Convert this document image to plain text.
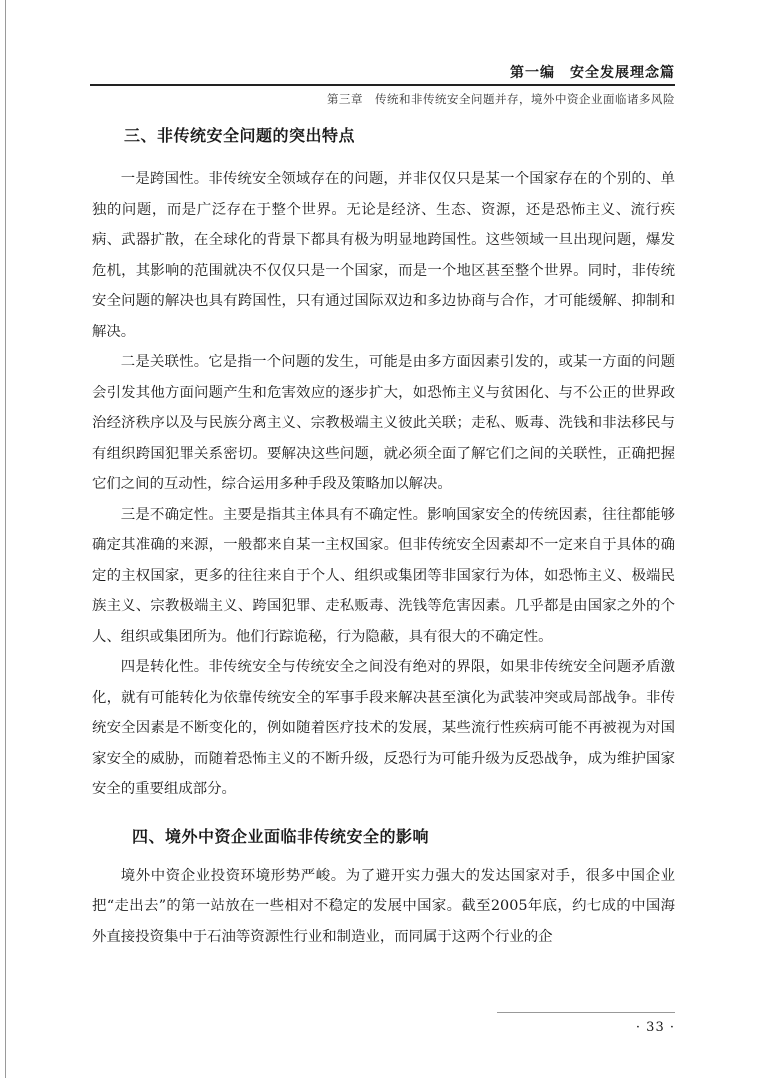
第一编　安全发展理念篇
第三章　传统和非传统安全问题并存，境外中资企业面临诸多风险
三、非传统安全问题的突出特点

一是跨国性。非传统安全领域存在的问题，并非仅仅只是某一个国家存在的个别的、单独的问题，而是广泛存在于整个世界。无论是经济、生态、资源，还是恐怖主义、流行疾病、武器扩散，在全球化的背景下都具有极为明显地跨国性。这些领域一旦出现问题，爆发危机，其影响的范围就决不仅仅只是一个国家，而是一个地区甚至整个世界。同时，非传统安全问题的解决也具有跨国性，只有通过国际双边和多边协商与合作，才可能缓解、抑制和解决。

二是关联性。它是指一个问题的发生，可能是由多方面因素引发的，或某一方面的问题会引发其他方面问题产生和危害效应的逐步扩大，如恐怖主义与贫困化、与不公正的世界政治经济秩序以及与民族分离主义、宗教极端主义彼此关联；走私、贩毒、洗钱和非法移民与有组织跨国犯罪关系密切。要解决这些问题，就必须全面了解它们之间的关联性，正确把握它们之间的互动性，综合运用多种手段及策略加以解决。

三是不确定性。主要是指其主体具有不确定性。影响国家安全的传统因素，往往都能够确定其准确的来源，一般都来自某一主权国家。但非传统安全因素却不一定来自于具体的确定的主权国家，更多的往往来自于个人、组织或集团等非国家行为体，如恐怖主义、极端民族主义、宗教极端主义、跨国犯罪、走私贩毒、洗钱等危害因素。几乎都是由国家之外的个人、组织或集团所为。他们行踪诡秘，行为隐蔽，具有很大的不确定性。

四是转化性。非传统安全与传统安全之间没有绝对的界限，如果非传统安全问题矛盾激化，就有可能转化为依靠传统安全的军事手段来解决甚至演化为武装冲突或局部战争。非传统安全因素是不断变化的，例如随着医疗技术的发展，某些流行性疾病可能不再被视为对国家安全的威胁，而随着恐怖主义的不断升级，反恐行为可能升级为反恐战争，成为维护国家安全的重要组成部分。

四、境外中资企业面临非传统安全的影响

境外中资企业投资环境形势严峻。为了避开实力强大的发达国家对手，很多中国企业把“走出去”的第一站放在一些相对不稳定的发展中国家。截至2005年底，约七成的中国海外直接投资集中于石油等资源性行业和制造业，而同属于这两个行业的企

· 33 ·
